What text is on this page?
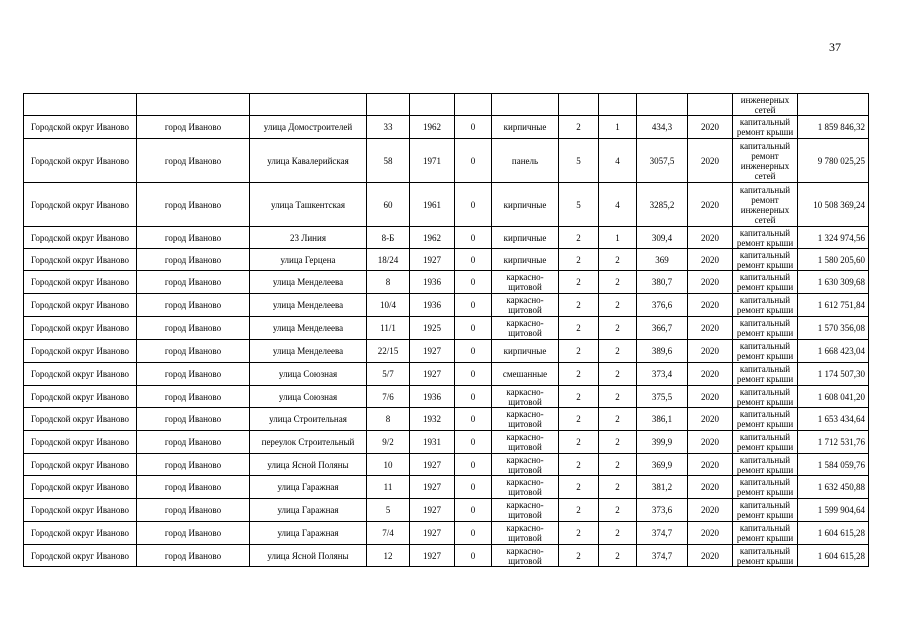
37
											инженерных сетей	
Городской округ Иваново	город Иваново	улица Домостроителей	33	1962	0	кирпичные	2	1	434,3	2020	капитальный ремонт крыши	1 859 846,32
Городской округ Иваново	город Иваново	улица Кавалерийская	58	1971	0	панель	5	4	3057,5	2020	капитальный ремонт инженерных сетей	9 780 025,25
Городской округ Иваново	город Иваново	улица Ташкентская	60	1961	0	кирпичные	5	4	3285,2	2020	капитальный ремонт инженерных сетей	10 508 369,24
Городской округ Иваново	город Иваново	23 Линия	8-Б	1962	0	кирпичные	2	1	309,4	2020	капитальный ремонт крыши	1 324 974,56
Городской округ Иваново	город Иваново	улица Герцена	18/24	1927	0	кирпичные	2	2	369	2020	капитальный ремонт крыши	1 580 205,60
Городской округ Иваново	город Иваново	улица Менделеева	8	1936	0	каркасно-щитовой	2	2	380,7	2020	капитальный ремонт крыши	1 630 309,68
Городской округ Иваново	город Иваново	улица Менделеева	10/4	1936	0	каркасно-щитовой	2	2	376,6	2020	капитальный ремонт крыши	1 612 751,84
Городской округ Иваново	город Иваново	улица Менделеева	11/1	1925	0	каркасно-щитовой	2	2	366,7	2020	капитальный ремонт крыши	1 570 356,08
Городской округ Иваново	город Иваново	улица Менделеева	22/15	1927	0	кирпичные	2	2	389,6	2020	капитальный ремонт крыши	1 668 423,04
Городской округ Иваново	город Иваново	улица Союзная	5/7	1927	0	смешанные	2	2	373,4	2020	капитальный ремонт крыши	1 174 507,30
Городской округ Иваново	город Иваново	улица Союзная	7/6	1936	0	каркасно-щитовой	2	2	375,5	2020	капитальный ремонт крыши	1 608 041,20
Городской округ Иваново	город Иваново	улица Строительная	8	1932	0	каркасно-щитовой	2	2	386,1	2020	капитальный ремонт крыши	1 653 434,64
Городской округ Иваново	город Иваново	переулок Строительный	9/2	1931	0	каркасно-щитовой	2	2	399,9	2020	капитальный ремонт крыши	1 712 531,76
Городской округ Иваново	город Иваново	улица Ясной Поляны	10	1927	0	каркасно-щитовой	2	2	369,9	2020	капитальный ремонт крыши	1 584 059,76
Городской округ Иваново	город Иваново	улица Гаражная	11	1927	0	каркасно-щитовой	2	2	381,2	2020	капитальный ремонт крыши	1 632 450,88
Городской округ Иваново	город Иваново	улица Гаражная	5	1927	0	каркасно-щитовой	2	2	373,6	2020	капитальный ремонт крыши	1 599 904,64
Городской округ Иваново	город Иваново	улица Гаражная	7/4	1927	0	каркасно-щитовой	2	2	374,7	2020	капитальный ремонт крыши	1 604 615,28
Городской округ Иваново	город Иваново	улица Ясной Поляны	12	1927	0	каркасно-щитовой	2	2	374,7	2020	капитальный ремонт крыши	1 604 615,28
